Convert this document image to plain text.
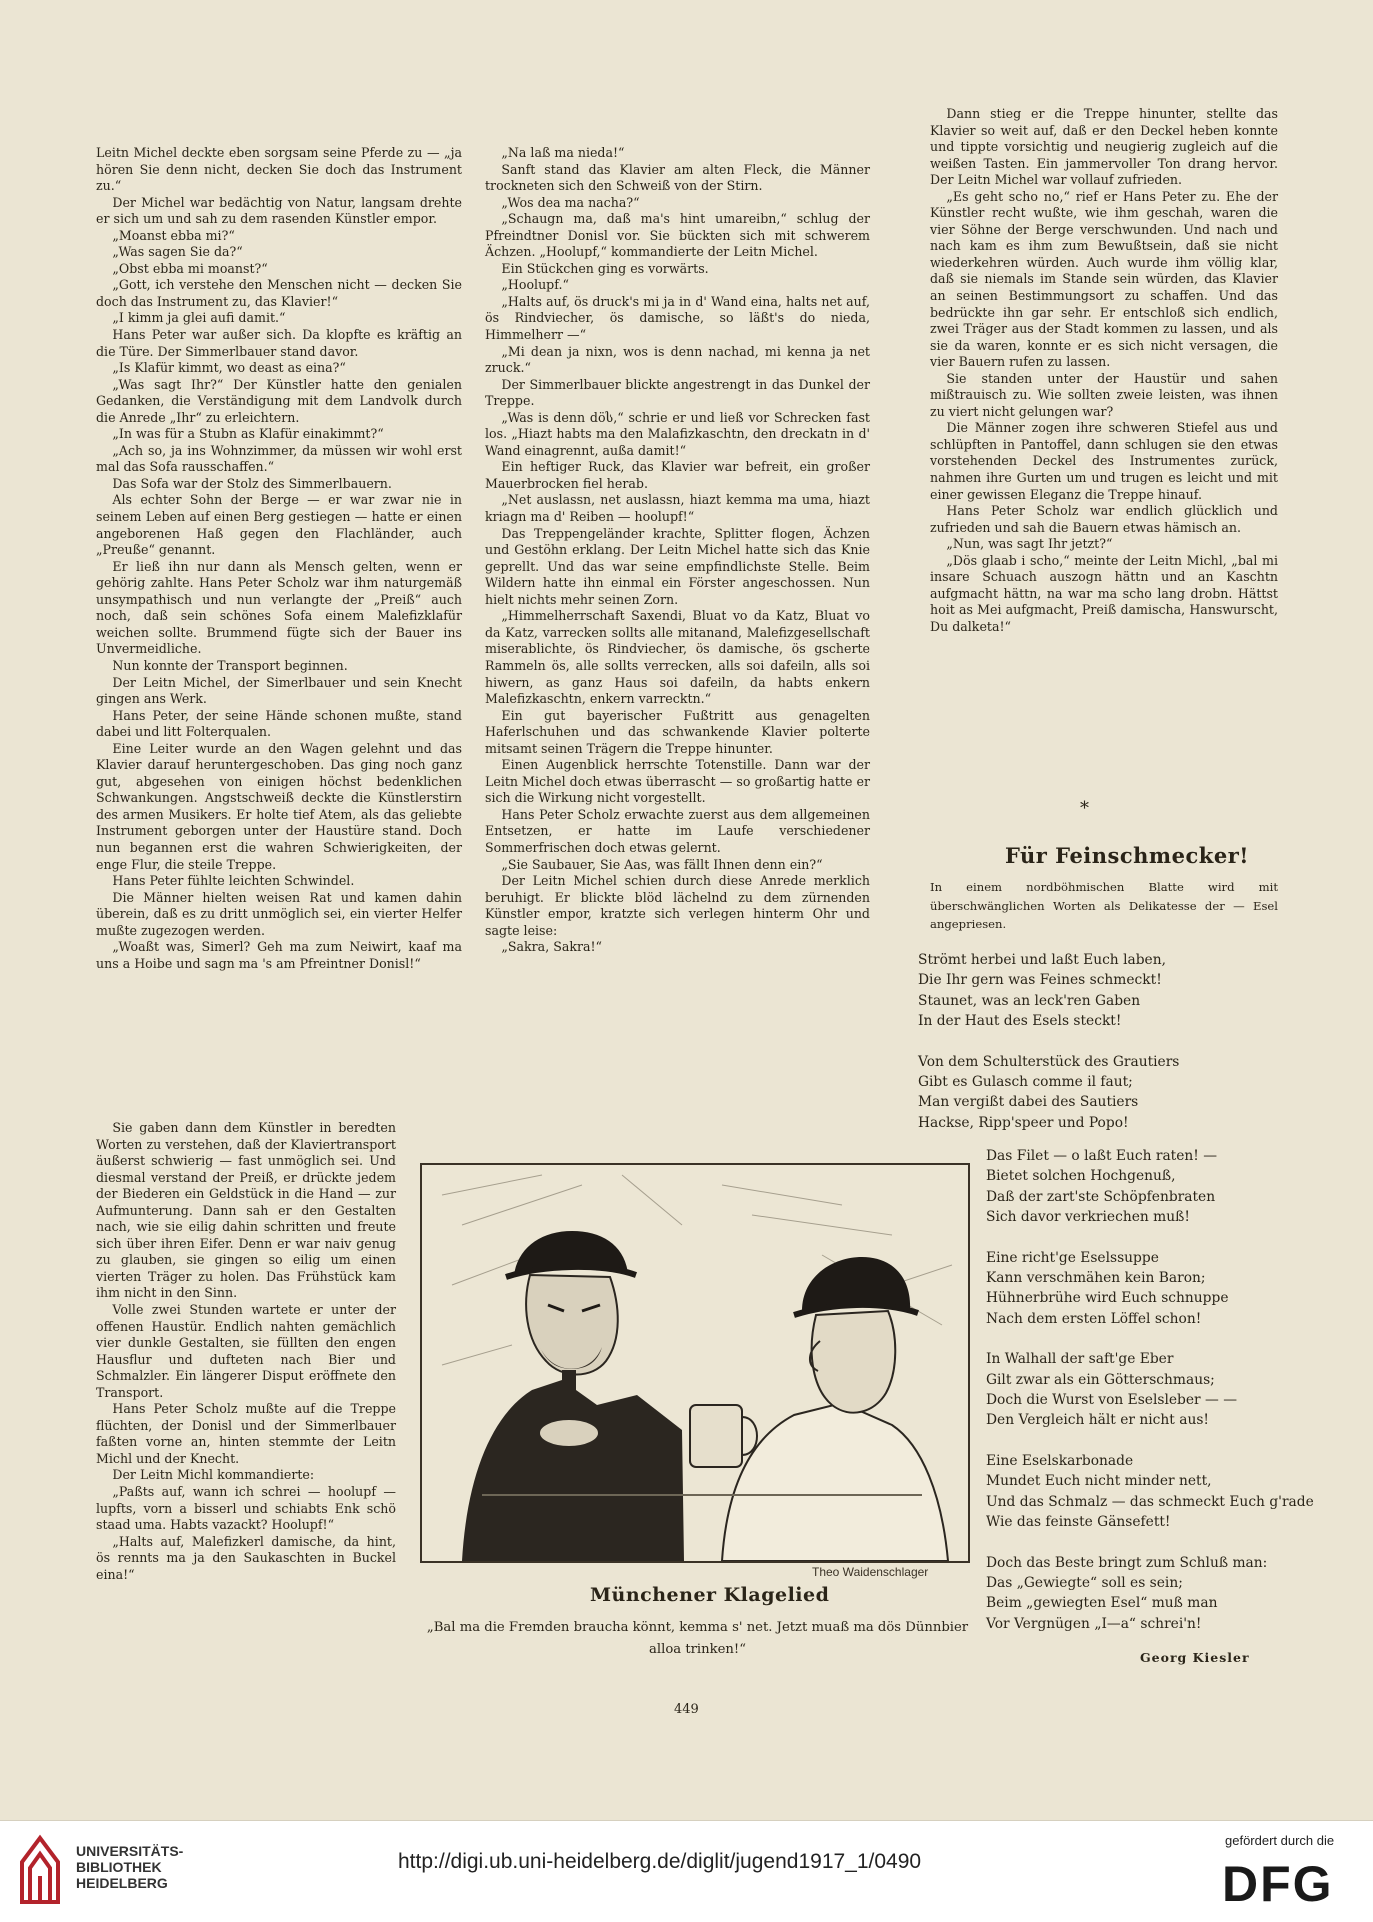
Leitn Michel deckte eben sorgsam seine Pferde zu — „ja hören Sie denn nicht, decken Sie doch das Instrument zu.“

Der Michel war bedächtig von Natur, langsam drehte er sich um und sah zu dem rasenden Künstler empor.

„Moanst ebba mi?“

„Was sagen Sie da?“

„Obst ebba mi moanst?“

„Gott, ich verstehe den Menschen nicht — decken Sie doch das Instrument zu, das Klavier!“

„I kimm ja glei aufi damit.“

Hans Peter war außer sich. Da klopfte es kräftig an die Türe. Der Simmerlbauer stand davor.

„Is Klafür kimmt, wo deast as eina?“

„Was sagt Ihr?“ Der Künstler hatte den genialen Gedanken, die Verständigung mit dem Landvolk durch die Anrede „Ihr“ zu erleichtern.

„In was für a Stubn as Klafür einakimmt?“

„Ach so, ja ins Wohnzimmer, da müssen wir wohl erst mal das Sofa rausschaffen.“

Das Sofa war der Stolz des Simmerlbauern.

Als echter Sohn der Berge — er war zwar nie in seinem Leben auf einen Berg gestiegen — hatte er einen angeborenen Haß gegen den Flachländer, auch „Preuße“ genannt.

Er ließ ihn nur dann als Mensch gelten, wenn er gehörig zahlte. Hans Peter Scholz war ihm naturgemäß unsympathisch und nun verlangte der „Preiß“ auch noch, daß sein schönes Sofa einem Malefizklafür weichen sollte. Brummend fügte sich der Bauer ins Unvermeidliche.

Nun konnte der Transport beginnen.

Der Leitn Michel, der Simerlbauer und sein Knecht gingen ans Werk.

Hans Peter, der seine Hände schonen mußte, stand dabei und litt Folterqualen.

Eine Leiter wurde an den Wagen gelehnt und das Klavier darauf heruntergeschoben. Das ging noch ganz gut, abgesehen von einigen höchst bedenklichen Schwankungen. Angstschweiß deckte die Künstlerstirn des armen Musikers. Er holte tief Atem, als das geliebte Instrument geborgen unter der Haustüre stand. Doch nun begannen erst die wahren Schwierigkeiten, der enge Flur, die steile Treppe.

Hans Peter fühlte leichten Schwindel.

Die Männer hielten weisen Rat und kamen dahin überein, daß es zu dritt unmöglich sei, ein vierter Helfer mußte zugezogen werden.

„Woaßt was, Simerl? Geh ma zum Neiwirt, kaaf ma uns a Hoibe und sagn ma 's am Pfreintner Donisl!“

Sie gaben dann dem Künstler in beredten Worten zu verstehen, daß der Klaviertransport äußerst schwierig — fast unmöglich sei. Und diesmal verstand der Preiß, er drückte jedem der Biederen ein Geldstück in die Hand — zur Aufmunterung. Dann sah er den Gestalten nach, wie sie eilig dahin schritten und freute sich über ihren Eifer. Denn er war naiv genug zu glauben, sie gingen so eilig um einen vierten Träger zu holen. Das Frühstück kam ihm nicht in den Sinn.

Volle zwei Stunden wartete er unter der offenen Haustür. Endlich nahten gemächlich vier dunkle Gestalten, sie füllten den engen Hausflur und dufteten nach Bier und Schmalzler. Ein längerer Disput eröffnete den Transport.

Hans Peter Scholz mußte auf die Treppe flüchten, der Donisl und der Simmerlbauer faßten vorne an, hinten stemmte der Leitn Michl und der Knecht.

Der Leitn Michl kommandierte:

„Paßts auf, wann ich schrei — hoolupf — lupfts, vorn a bisserl und schiabts Enk schö staad uma. Habts vazackt? Hoolupf!“

„Halts auf, Malefizkerl damische, da hint, ös rennts ma ja den Saukaschten in Buckel eina!“

„Na laß ma nieda!“

Sanft stand das Klavier am alten Fleck, die Männer trockneten sich den Schweiß von der Stirn.

„Wos dea ma nacha?“

„Schaugn ma, daß ma's hint umareibn,“ schlug der Pfreindtner Donisl vor. Sie bückten sich mit schwerem Ächzen. „Hoolupf,“ kommandierte der Leitn Michel.

Ein Stückchen ging es vorwärts.

„Hoolupf.“

„Halts auf, ös druck's mi ja in d' Wand eina, halts net auf, ös Rindviecher, ös damische, so läßt's do nieda, Himmelherr —“

„Mi dean ja nixn, wos is denn nachad, mi kenna ja net zruck.“

Der Simmerlbauer blickte angestrengt in das Dunkel der Treppe.

„Was is denn döს,“ schrie er und ließ vor Schrecken fast los. „Hiazt habts ma den Malafizkaschtn, den dreckatn in d' Wand einagrennt, außa damit!“

Ein heftiger Ruck, das Klavier war befreit, ein großer Mauerbrocken fiel herab.

„Net auslassn, net auslassn, hiazt kemma ma uma, hiazt kriagn ma d' Reiben — hoolupf!“

Das Treppengeländer krachte, Splitter flogen, Ächzen und Gestöhn erklang. Der Leitn Michel hatte sich das Knie geprellt. Und das war seine empfindlichste Stelle. Beim Wildern hatte ihn einmal ein Förster angeschossen. Nun hielt nichts mehr seinen Zorn.

„Himmelherrschaft Saxendi, Bluat vo da Katz, Bluat vo da Katz, varrecken sollts alle mitanand, Malefizgesellschaft miserablichte, ös Rindviecher, ös damische, ös gscherte Rammeln ös, alle sollts verrecken, alls soi dafeiln, alls soi hiwern, as ganz Haus soi dafeiln, da habts enkern Malefizkaschtn, enkern varrecktn.“

Ein gut bayerischer Fußtritt aus genagelten Haferlschuhen und das schwankende Klavier polterte mitsamt seinen Trägern die Treppe hinunter.

Einen Augenblick herrschte Totenstille. Dann war der Leitn Michel doch etwas überrascht — so großartig hatte er sich die Wirkung nicht vorgestellt.

Hans Peter Scholz erwachte zuerst aus dem allgemeinen Entsetzen, er hatte im Laufe verschiedener Sommerfrischen doch etwas gelernt.

„Sie Saubauer, Sie Aas, was fällt Ihnen denn ein?“

Der Leitn Michel schien durch diese Anrede merklich beruhigt. Er blickte blöd lächelnd zu dem zürnenden Künstler empor, kratzte sich verlegen hinterm Ohr und sagte leise:

„Sakra, Sakra!“

Dann stieg er die Treppe hinunter, stellte das Klavier so weit auf, daß er den Deckel heben konnte und tippte vorsichtig und neugierig zugleich auf die weißen Tasten. Ein jammervoller Ton drang hervor. Der Leitn Michel war vollauf zufrieden.

„Es geht scho no,“ rief er Hans Peter zu. Ehe der Künstler recht wußte, wie ihm geschah, waren die vier Söhne der Berge verschwunden. Und nach und nach kam es ihm zum Bewußtsein, daß sie nicht wiederkehren würden. Auch wurde ihm völlig klar, daß sie niemals im Stande sein würden, das Klavier an seinen Bestimmungsort zu schaffen. Und das bedrückte ihn gar sehr. Er entschloß sich endlich, zwei Träger aus der Stadt kommen zu lassen, und als sie da waren, konnte er es sich nicht versagen, die vier Bauern rufen zu lassen.

Sie standen unter der Haustür und sahen mißtrauisch zu. Wie sollten zweie leisten, was ihnen zu viert nicht gelungen war?

Die Männer zogen ihre schweren Stiefel aus und schlüpften in Pantoffel, dann schlugen sie den etwas vorstehenden Deckel des Instrumentes zurück, nahmen ihre Gurten um und trugen es leicht und mit einer gewissen Eleganz die Treppe hinauf.

Hans Peter Scholz war endlich glücklich und zufrieden und sah die Bauern etwas hämisch an.

„Nun, was sagt Ihr jetzt?“

„Dös glaab i scho,“ meinte der Leitn Michl, „bal mi insare Schuach auszogn hättn und an Kaschtn aufgmacht hättn, na war ma scho lang drobn. Hättst hoit as Mei aufgmacht, Preiß damischa, Hanswurscht, Du dalketa!“

*
Für Feinschmecker!
In einem nordböhmischen Blatte wird mit überschwänglichen Worten als Delikatesse der — Esel angepriesen.
Strömt herbei und laßt Euch laben,
Die Ihr gern was Feines schmeckt!
Staunet, was an leck'ren Gaben
In der Haut des Esels steckt!
Von dem Schulterstück des Grautiers
Gibt es Gulasch comme il faut;
Man vergißt dabei des Sautiers
Hackse, Ripp'speer und Popo!
Das Filet — o laßt Euch raten! —
Bietet solchen Hochgenuß,
Daß der zart'ste Schöpfenbraten
Sich davor verkriechen muß!
Eine richt'ge Eselssuppe
Kann verschmähen kein Baron;
Hühnerbrühe wird Euch schnuppe
Nach dem ersten Löffel schon!
In Walhall der saft'ge Eber
Gilt zwar als ein Götterschmaus;
Doch die Wurst von Eselsleber — —
Den Vergleich hält er nicht aus!
Eine Eselskarbonade
Mundet Euch nicht minder nett,
Und das Schmalz — das schmeckt Euch g'rade
Wie das feinste Gänsefett!
Doch das Beste bringt zum Schluß man:
Das „Gewiegte“ soll es sein;
Beim „gewiegten Esel“ muß man
Vor Vergnügen „I—a“ schrei'n!
Georg Kiesler
Theo Waidenschlager
Münchener Klagelied
„Bal ma die Fremden braucha könnt, kemma s' net. Jetzt muaß ma dös Dünnbier alloa trinken!“
449
UNIVERSITÄTS-
BIBLIOTHEK
HEIDELBERG
http://digi.ub.uni-heidelberg.de/diglit/jugend1917_1/0490
gefördert durch die
DFG
